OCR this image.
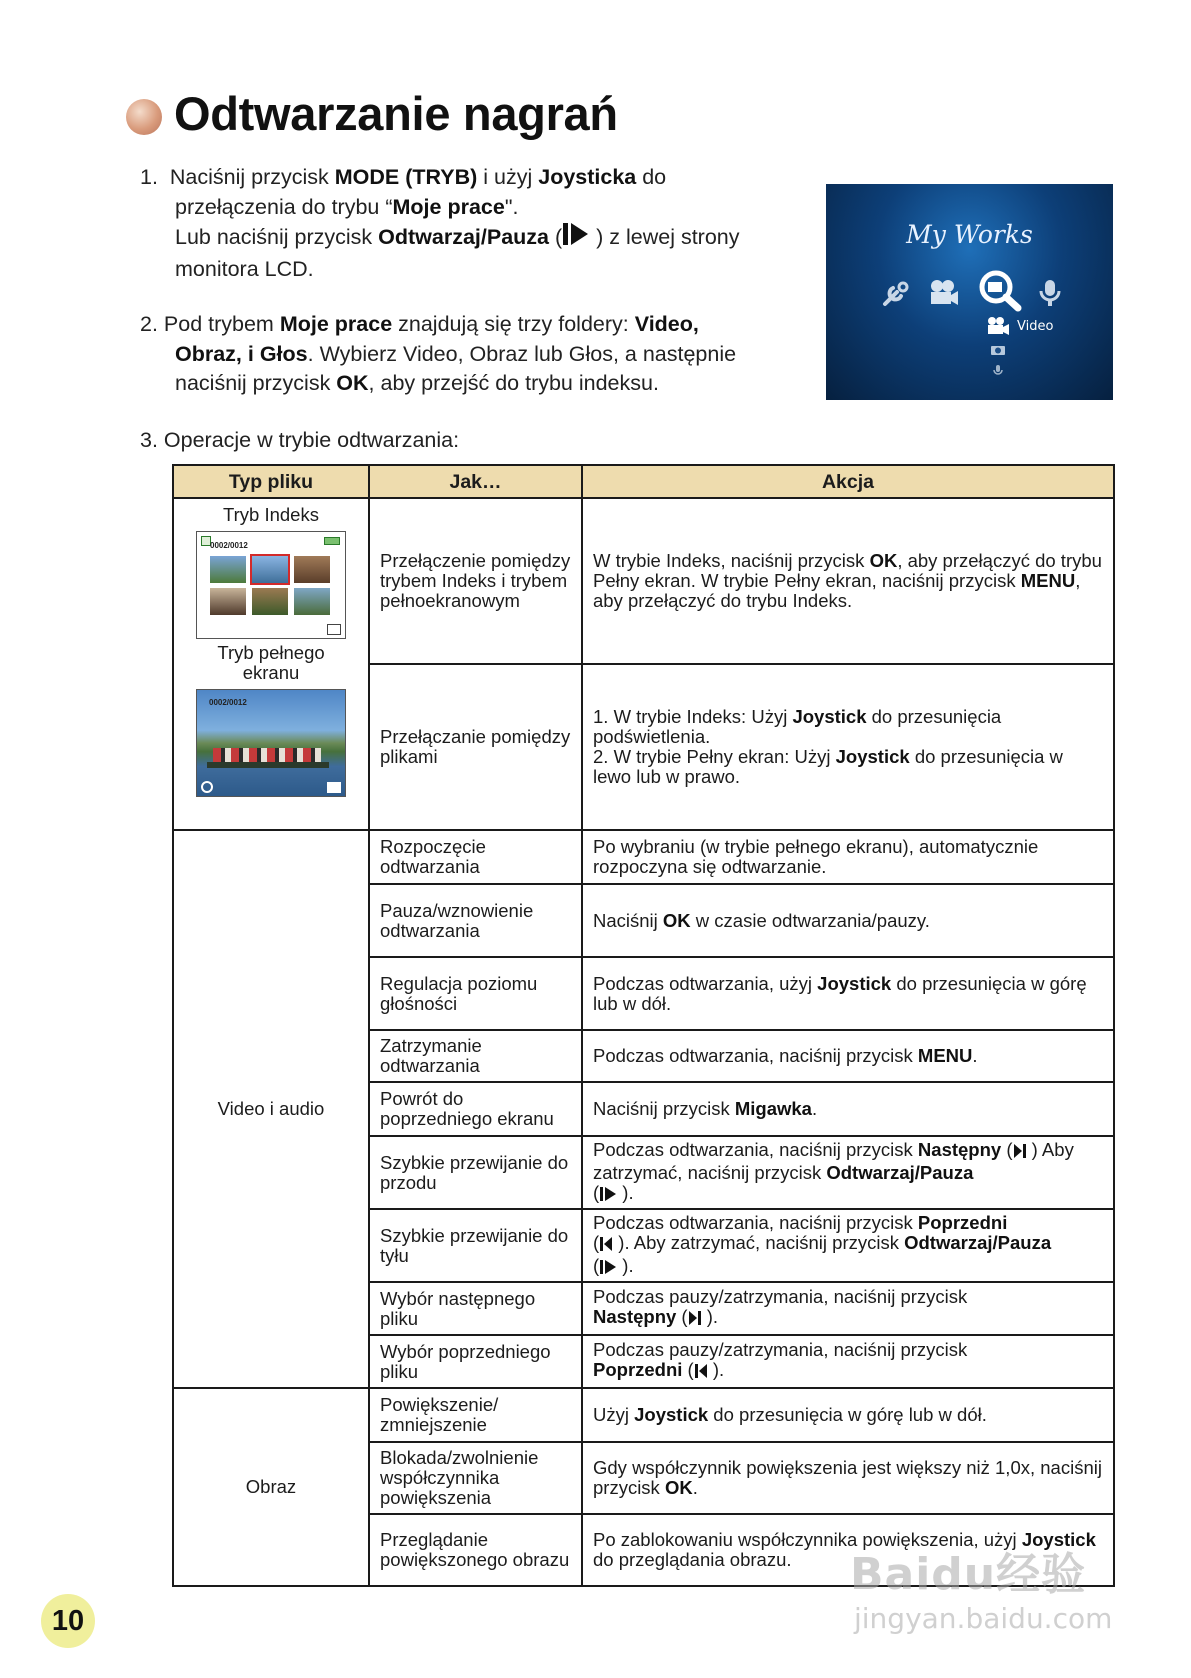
Odtwarzanie nagrań

1. Naciśnij przycisk MODE (TRYB) i użyj Joysticka do
przełączenia do trybu “Moje prace".
Lub naciśnij przycisk Odtwarzaj/Pauza ( ) z lewej strony
monitora LCD.

2. Pod trybem Moje prace znajdują się trzy foldery: Video,
Obraz, i Głos. Wybierz Video, Obraz lub Głos, a następnie
naciśnij przycisk OK, aby przejść do trybu indeksu.

3. Operacje w trybie odtwarzania:

My Works
Video
Typ pliku	Jak…	Akcja

Tryb Indeks
0002/0012
Tryb pełnego ekranu
0002/0012	Przełączenie pomiędzy trybem Indeks i trybem pełnoekranowym	W trybie Indeks, naciśnij przycisk OK, aby przełączyć do trybu Pełny ekran. W trybie Pełny ekran, naciśnij przycisk MENU, aby przełączyć do trybu Indeks.
	Przełączanie pomiędzy plikami	1. W trybie Indeks: Użyj Joystick do przesunięcia podświetlenia.
2. W trybie Pełny ekran: Użyj Joystick do przesunięcia w lewo lub w prawo.
Video i audio	Rozpoczęcie odtwarzania	Po wybraniu (w trybie pełnego ekranu), automatycznie rozpoczyna się odtwarzanie.
	Pauza/wznowienie odtwarzania	Naciśnij OK w czasie odtwarzania/pauzy.
	Regulacja poziomu głośności	Podczas odtwarzania, użyj Joystick do przesunięcia w górę lub w dół.
	Zatrzymanie odtwarzania	Podczas odtwarzania, naciśnij przycisk MENU.
	Powrót do poprzedniego ekranu	Naciśnij przycisk Migawka.
	Szybkie przewijanie do przodu	Podczas odtwarzania, naciśnij przycisk Następny ( ) Aby zatrzymać, naciśnij przycisk Odtwarzaj/Pauza
( ).
	Szybkie przewijanie do tyłu	Podczas odtwarzania, naciśnij przycisk Poprzedni
( ). Aby zatrzymać, naciśnij przycisk Odtwarzaj/Pauza
( ).
	Wybór następnego pliku	Podczas pauzy/zatrzymania, naciśnij przycisk
Następny ( ).
	Wybór poprzedniego pliku	Podczas pauzy/zatrzymania, naciśnij przycisk
Poprzedni ( ).
Obraz	Powiększenie/ zmniejszenie	Użyj Joystick do przesunięcia w górę lub w dół.
	Blokada/zwolnienie współczynnika powiększenia	Gdy współczynnik powiększenia jest większy niż 1,0x, naciśnij przycisk OK.
	Przeglądanie powiększonego obrazu	Po zablokowaniu współczynnika powiększenia, użyj Joystick do przeglądania obrazu.
10
Baidu经验
jingyan.baidu.com
